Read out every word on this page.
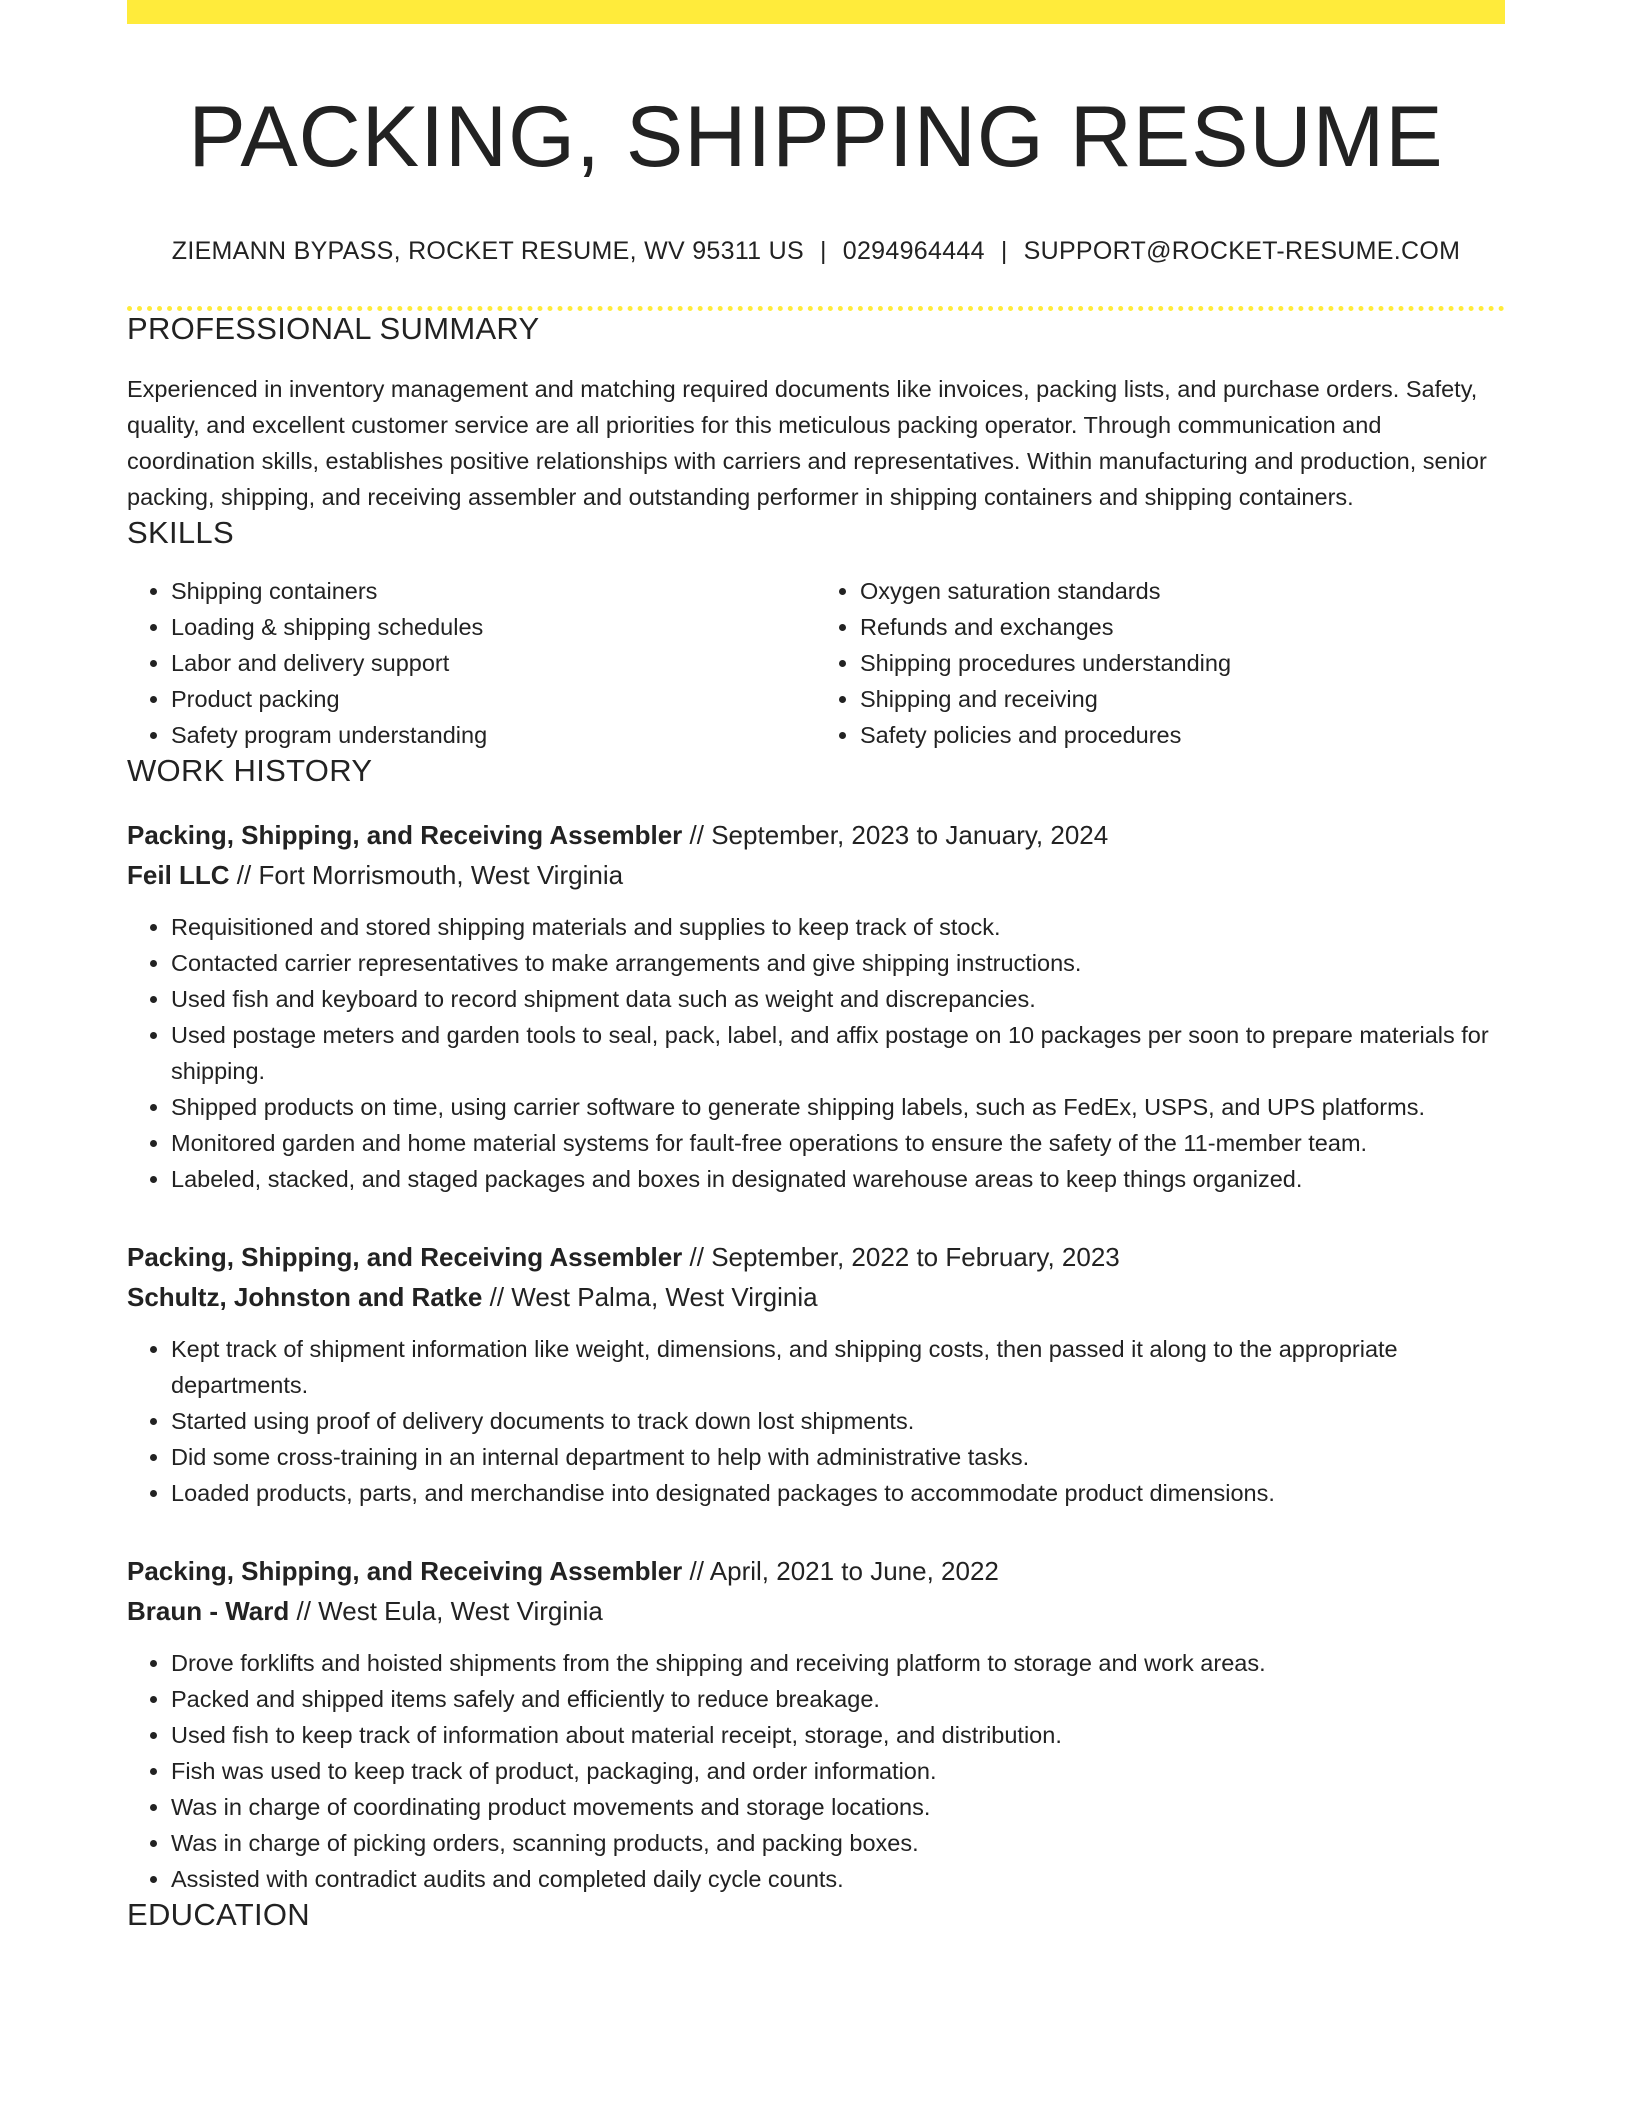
PACKING, SHIPPING RESUME
ZIEMANN BYPASS, ROCKET RESUME, WV 95311 US | 0294964444 | SUPPORT@ROCKET-RESUME.COM
PROFESSIONAL SUMMARY
Experienced in inventory management and matching required documents like invoices, packing lists, and purchase orders. Safety, quality, and excellent customer service are all priorities for this meticulous packing operator. Through communication and coordination skills, establishes positive relationships with carriers and representatives. Within manufacturing and production, senior packing, shipping, and receiving assembler and outstanding performer in shipping containers and shipping containers.
SKILLS
• Shipping containers
• Loading & shipping schedules
• Labor and delivery support
• Product packing
• Safety program understanding
• Oxygen saturation standards
• Refunds and exchanges
• Shipping procedures understanding
• Shipping and receiving
• Safety policies and procedures
WORK HISTORY
Packing, Shipping, and Receiving Assembler // September, 2023 to January, 2024
Feil LLC // Fort Morrismouth, West Virginia
• Requisitioned and stored shipping materials and supplies to keep track of stock.
• Contacted carrier representatives to make arrangements and give shipping instructions.
• Used fish and keyboard to record shipment data such as weight and discrepancies.
• Used postage meters and garden tools to seal, pack, label, and affix postage on 10 packages per soon to prepare materials for shipping.
• Shipped products on time, using carrier software to generate shipping labels, such as FedEx, USPS, and UPS platforms.
• Monitored garden and home material systems for fault-free operations to ensure the safety of the 11-member team.
• Labeled, stacked, and staged packages and boxes in designated warehouse areas to keep things organized.
Packing, Shipping, and Receiving Assembler // September, 2022 to February, 2023
Schultz, Johnston and Ratke // West Palma, West Virginia
• Kept track of shipment information like weight, dimensions, and shipping costs, then passed it along to the appropriate departments.
• Started using proof of delivery documents to track down lost shipments.
• Did some cross-training in an internal department to help with administrative tasks.
• Loaded products, parts, and merchandise into designated packages to accommodate product dimensions.
Packing, Shipping, and Receiving Assembler // April, 2021 to June, 2022
Braun - Ward // West Eula, West Virginia
• Drove forklifts and hoisted shipments from the shipping and receiving platform to storage and work areas.
• Packed and shipped items safely and efficiently to reduce breakage.
• Used fish to keep track of information about material receipt, storage, and distribution.
• Fish was used to keep track of product, packaging, and order information.
• Was in charge of coordinating product movements and storage locations.
• Was in charge of picking orders, scanning products, and packing boxes.
• Assisted with contradict audits and completed daily cycle counts.
EDUCATION
